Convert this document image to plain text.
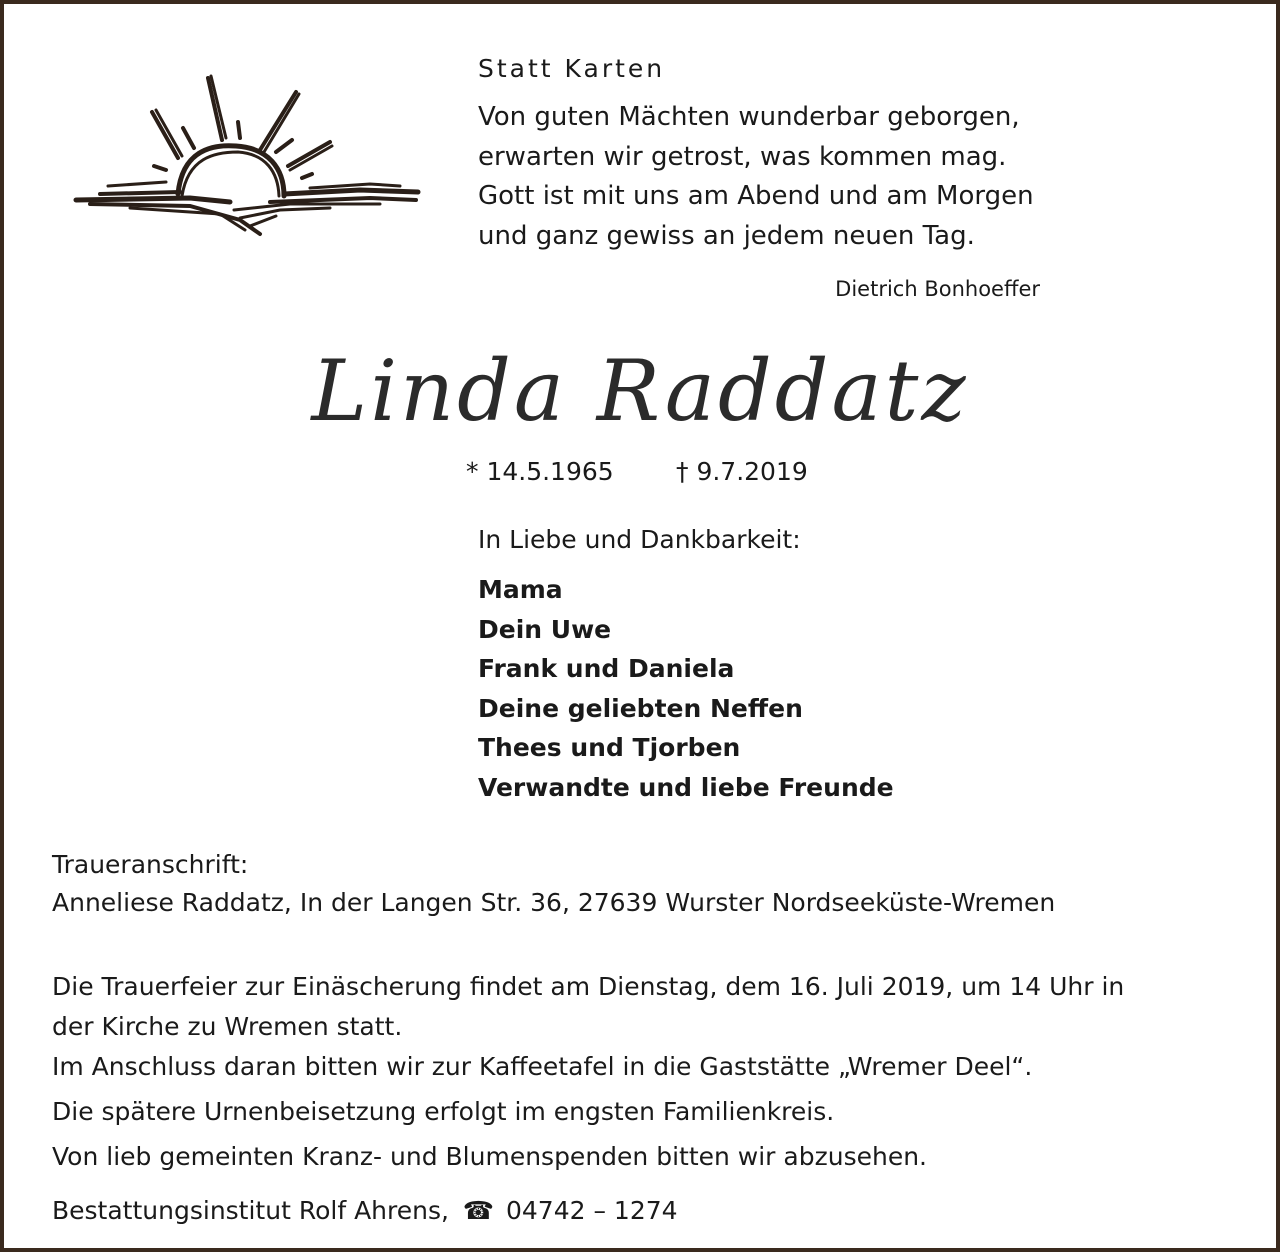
Statt Karten
Von guten Mächten wunderbar geborgen,
erwarten wir getrost, was kommen mag.
Gott ist mit uns am Abend und am Morgen
und ganz gewiss an jedem neuen Tag.
Dietrich Bonhoeffer
Linda Raddatz
* 14.5.1965 † 9.7.2019
In Liebe und Dankbarkeit:
Mama
Dein Uwe
Frank und Daniela
Deine geliebten Neffen
Thees und Tjorben
Verwandte und liebe Freunde
Traueranschrift:
Anneliese Raddatz, In der Langen Str. 36, 27639 Wurster Nordseeküste-Wremen
Die Trauerfeier zur Einäscherung findet am Dienstag, dem 16. Juli 2019, um 14 Uhr in
der Kirche zu Wremen statt.
Im Anschluss daran bitten wir zur Kaffeetafel in die Gaststätte „Wremer Deel“.
Die spätere Urnenbeisetzung erfolgt im engsten Familienkreis.
Von lieb gemeinten Kranz- und Blumenspenden bitten wir abzusehen.
Bestattungsinstitut Rolf Ahrens, ☎ 04742 – 1274
